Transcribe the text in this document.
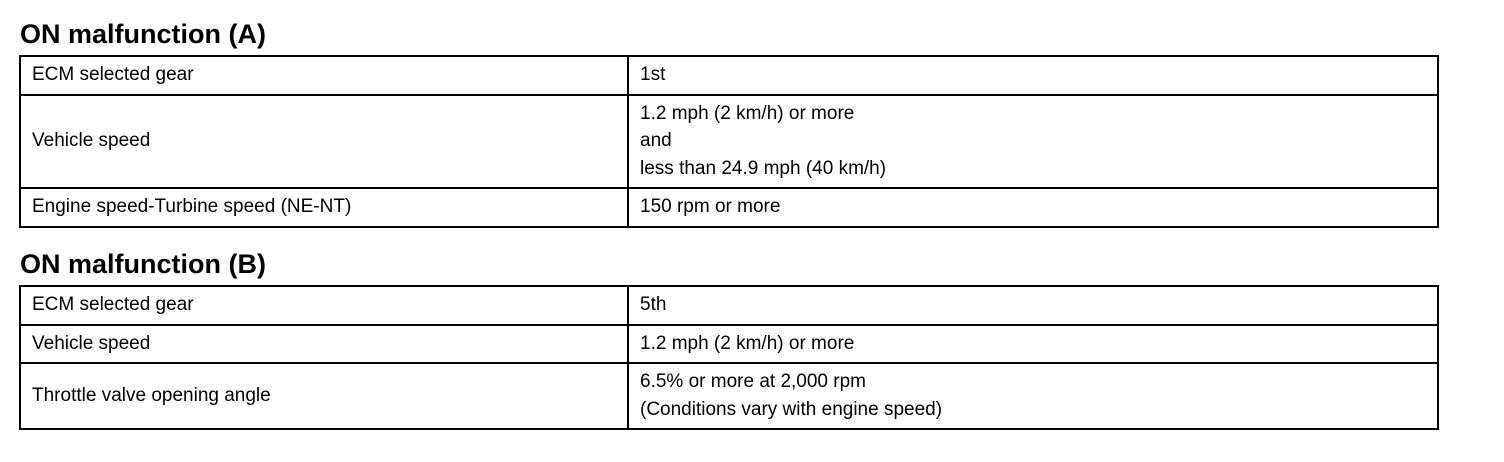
ON malfunction (A)
ECM selected gear	1st

Vehicle speed	1.2 mph (2 km/h) or more
and
less than 24.9 mph (40 km/h)

Engine speed-Turbine speed (NE-NT)	150 rpm or more
ON malfunction (B)
ECM selected gear	5th

Vehicle speed	1.2 mph (2 km/h) or more

Throttle valve opening angle	6.5% or more at 2,000 rpm
(Conditions vary with engine speed)
